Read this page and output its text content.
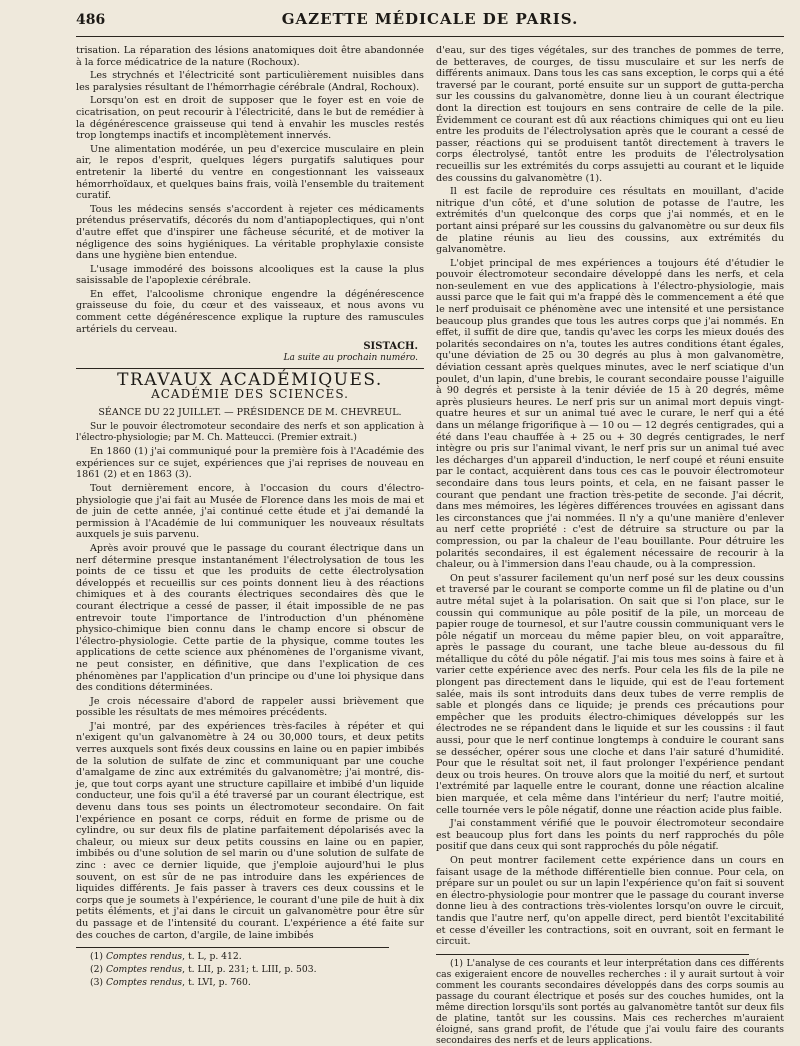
486	GAZETTE MÉDICALE DE PARIS.

trisation. La réparation des lésions anatomiques doit être abandonnée à la force médicatrice de la nature (Rochoux).

Les strychnés et l'électricité sont particulièrement nuisibles dans les paralysies résultant de l'hémorrhagie cérébrale (Andral, Rochoux).

Lorsqu'on est en droit de supposer que le foyer est en voie de cicatrisation, on peut recourir à l'électricité, dans le but de remédier à la dégénérescence graisseuse qui tend à envahir les muscles restés trop longtemps inactifs et incomplètement innervés.

Une alimentation modérée, un peu d'exercice musculaire en plein air, le repos d'esprit, quelques légers purgatifs salutiques pour entretenir la liberté du ventre en congestionnant les vaisseaux hémorrhoïdaux, et quelques bains frais, voilà l'ensemble du traitement curatif.

Tous les médecins sensés s'accordent à rejeter ces médicaments prétendus préservatifs, décorés du nom d'antiapoplectiques, qui n'ont d'autre effet que d'inspirer une fâcheuse sécurité, et de motiver la négligence des soins hygiéniques. La véritable prophylaxie consiste dans une hygiène bien entendue.

L'usage immodéré des boissons alcooliques est la cause la plus saisissable de l'apoplexie cérébrale.

En effet, l'alcoolisme chronique engendre la dégénérescence graisseuse du foie, du cœur et des vaisseaux, et nous avons vu comment cette dégénérescence explique la rupture des ramuscules artériels du cerveau.

SISTACH.
La suite au prochain numéro.
TRAVAUX ACADÉMIQUES.
ACADÉMIE DES SCIENCES.
SÉANCE DU 22 JUILLET. — PRÉSIDENCE DE M. CHEVREUL.

Sur le pouvoir électromoteur secondaire des nerfs et son application à l'électro-physiologie; par M. Ch. Matteucci. (Premier extrait.)

En 1860 (1) j'ai communiqué pour la première fois à l'Académie des expériences sur ce sujet, expériences que j'ai reprises de nouveau en 1861 (2) et en 1863 (3).

Tout dernièrement encore, à l'occasion du cours d'électro-physiologie que j'ai fait au Musée de Florence dans les mois de mai et de juin de cette année, j'ai continué cette étude et j'ai demandé la permission à l'Académie de lui communiquer les nouveaux résultats auxquels je suis parvenu.

Après avoir prouvé que le passage du courant électrique dans un nerf détermine presque instantanément l'électrolysation de tous les points de ce tissu et que les produits de cette électrolysation développés et recueillis sur ces points donnent lieu à des réactions chimiques et à des courants électriques secondaires dès que le courant électrique a cessé de passer, il était impossible de ne pas entrevoir toute l'importance de l'introduction d'un phénomène physico-chimique bien connu dans le champ encore si obscur de l'électro-physiologie. Cette partie de la physique, comme toutes les applications de cette science aux phénomènes de l'organisme vivant, ne peut consister, en définitive, que dans l'explication de ces phénomènes par l'application d'un principe ou d'une loi physique dans des conditions déterminées.

Je crois nécessaire d'abord de rappeler aussi brièvement que possible les résultats de mes mémoires précédents.

J'ai montré, par des expériences très-faciles à répéter et qui n'exigent qu'un galvanomètre à 24 ou 30,000 tours, et deux petits verres auxquels sont fixés deux coussins en laine ou en papier imbibés de la solution de sulfate de zinc et communiquant par une couche d'amalgame de zinc aux extrémités du galvanomètre; j'ai montré, dis-je, que tout corps ayant une structure capillaire et imbibé d'un liquide conducteur, une fois qu'il a été traversé par un courant électrique, est devenu dans tous ses points un électromoteur secondaire. On fait l'expérience en posant ce corps, réduit en forme de prisme ou de cylindre, ou sur deux fils de platine parfaitement dépolarisés avec la chaleur, ou mieux sur deux petits coussins en laine ou en papier, imbibés ou d'une solution de sel marin ou d'une solution de sulfate de zinc : avec ce dernier liquide, que j'emploie aujourd'hui le plus souvent, on est sûr de ne pas introduire dans les expériences de liquides différents. Je fais passer à travers ces deux coussins et le corps que je soumets à l'expérience, le courant d'une pile de huit à dix petits éléments, et j'ai dans le circuit un galvanomètre pour être sûr du passage et de l'intensité du courant. L'expérience a été faite sur des couches de carton, d'argile, de laine imbibés

(1) Comptes rendus, t. L, p. 412.

(2) Comptes rendus, t. LII, p. 231; t. LIII, p. 503.

(3) Comptes rendus, t. LVI, p. 760.

d'eau, sur des tiges végétales, sur des tranches de pommes de terre, de betteraves, de courges, de tissu musculaire et sur les nerfs de différents animaux. Dans tous les cas sans exception, le corps qui a été traversé par le courant, porté ensuite sur un support de gutta-percha sur les coussins du galvanomètre, donne lieu à un courant électrique dont la direction est toujours en sens contraire de celle de la pile. Évidemment ce courant est dû aux réactions chimiques qui ont eu lieu entre les produits de l'électrolysation après que le courant a cessé de passer, réactions qui se produisent tantôt directement à travers le corps électrolysé, tantôt entre les produits de l'électrolysation recueillis sur les extrémités du corps assujetti au courant et le liquide des coussins du galvanomètre (1).

Il est facile de reproduire ces résultats en mouillant, d'acide nitrique d'un côté, et d'une solution de potasse de l'autre, les extrémités d'un quelconque des corps que j'ai nommés, et en le portant ainsi préparé sur les coussins du galvanomètre ou sur deux fils de platine réunis au lieu des coussins, aux extrémités du galvanomètre.

L'objet principal de mes expériences a toujours été d'étudier le pouvoir électromoteur secondaire développé dans les nerfs, et cela non-seulement en vue des applications à l'électro-physiologie, mais aussi parce que le fait qui m'a frappé dès le commencement a été que le nerf produisait ce phénomène avec une intensité et une persistance beaucoup plus grandes que tous les autres corps que j'ai nommés. En effet, il suffit de dire que, tandis qu'avec les corps les mieux doués des polarités secondaires on n'a, toutes les autres conditions étant égales, qu'une déviation de 25 ou 30 degrés au plus à mon galvanomètre, déviation cessant après quelques minutes, avec le nerf sciatique d'un poulet, d'un lapin, d'une brebis, le courant secondaire pousse l'aiguille à 90 degrés et persiste à la tenir déviée de 15 à 20 degrés, même après plusieurs heures. Le nerf pris sur un animal mort depuis vingt-quatre heures et sur un animal tué avec le curare, le nerf qui a été dans un mélange frigorifique à — 10 ou — 12 degrés centigrades, qui a été dans l'eau chauffée à + 25 ou + 30 degrés centigrades, le nerf intègre ou pris sur l'animal vivant, le nerf pris sur un animal tué avec les décharges d'un appareil d'induction, le nerf coupé et réuni ensuite par le contact, acquièrent dans tous ces cas le pouvoir électromoteur secondaire dans tous leurs points, et cela, en ne faisant passer le courant que pendant une fraction très-petite de seconde. J'ai décrit, dans mes mémoires, les légères différences trouvées en agissant dans les circonstances que j'ai nommées. Il n'y a qu'une manière d'enlever au nerf cette propriété : c'est de détruire sa structure ou par la compression, ou par la chaleur de l'eau bouillante. Pour détruire les polarités secondaires, il est également nécessaire de recourir à la chaleur, ou à l'immersion dans l'eau chaude, ou à la compression.

On peut s'assurer facilement qu'un nerf posé sur les deux coussins et traversé par le courant se comporte comme un fil de platine ou d'un autre métal sujet à la polarisation. On sait que si l'on place, sur le coussin qui communique au pôle positif de la pile, un morceau de papier rouge de tournesol, et sur l'autre coussin communiquant vers le pôle négatif un morceau du même papier bleu, on voit apparaître, après le passage du courant, une tache bleue au-dessous du fil métallique du côté du pôle négatif. J'ai mis tous mes soins à faire et à varier cette expérience avec des nerfs. Pour cela les fils de la pile ne plongent pas directement dans le liquide, qui est de l'eau fortement salée, mais ils sont introduits dans deux tubes de verre remplis de sable et plongés dans ce liquide; je prends ces précautions pour empêcher que les produits électro-chimiques développés sur les électrodes ne se répandent dans le liquide et sur les coussins : il faut aussi, pour que le nerf continue longtemps à conduire le courant sans se dessécher, opérer sous une cloche et dans l'air saturé d'humidité. Pour que le résultat soit net, il faut prolonger l'expérience pendant deux ou trois heures. On trouve alors que la moitié du nerf, et surtout l'extrémité par laquelle entre le courant, donne une réaction alcaline bien marquée, et cela même dans l'intérieur du nerf; l'autre moitié, celle tournée vers le pôle négatif, donne une réaction acide plus faible.

J'ai constamment vérifié que le pouvoir électromoteur secondaire est beaucoup plus fort dans les points du nerf rapprochés du pôle positif que dans ceux qui sont rapprochés du pôle négatif.

On peut montrer facilement cette expérience dans un cours en faisant usage de la méthode différentielle bien connue. Pour cela, on prépare sur un poulet ou sur un lapin l'expérience qu'on fait si souvent en électro-physiologie pour montrer que le passage du courant inverse donne lieu à des contractions très-violentes lorsqu'on ouvre le circuit, tandis que l'autre nerf, qu'on appelle direct, perd bientôt l'excitabilité et cesse d'éveiller les contractions, soit en ouvrant, soit en fermant le circuit.

(1) L'analyse de ces courants et leur interprétation dans ces différents cas exigeraient encore de nouvelles recherches : il y aurait surtout à voir comment les courants secondaires développés dans des corps soumis au passage du courant électrique et posés sur des couches humides, ont la même direction lorsqu'ils sont portés au galvanomètre tantôt sur deux fils de platine, tantôt sur les coussins. Mais ces recherches m'auraient éloigné, sans grand profit, de l'étude que j'ai voulu faire des courants secondaires des nerfs et de leurs applications.
